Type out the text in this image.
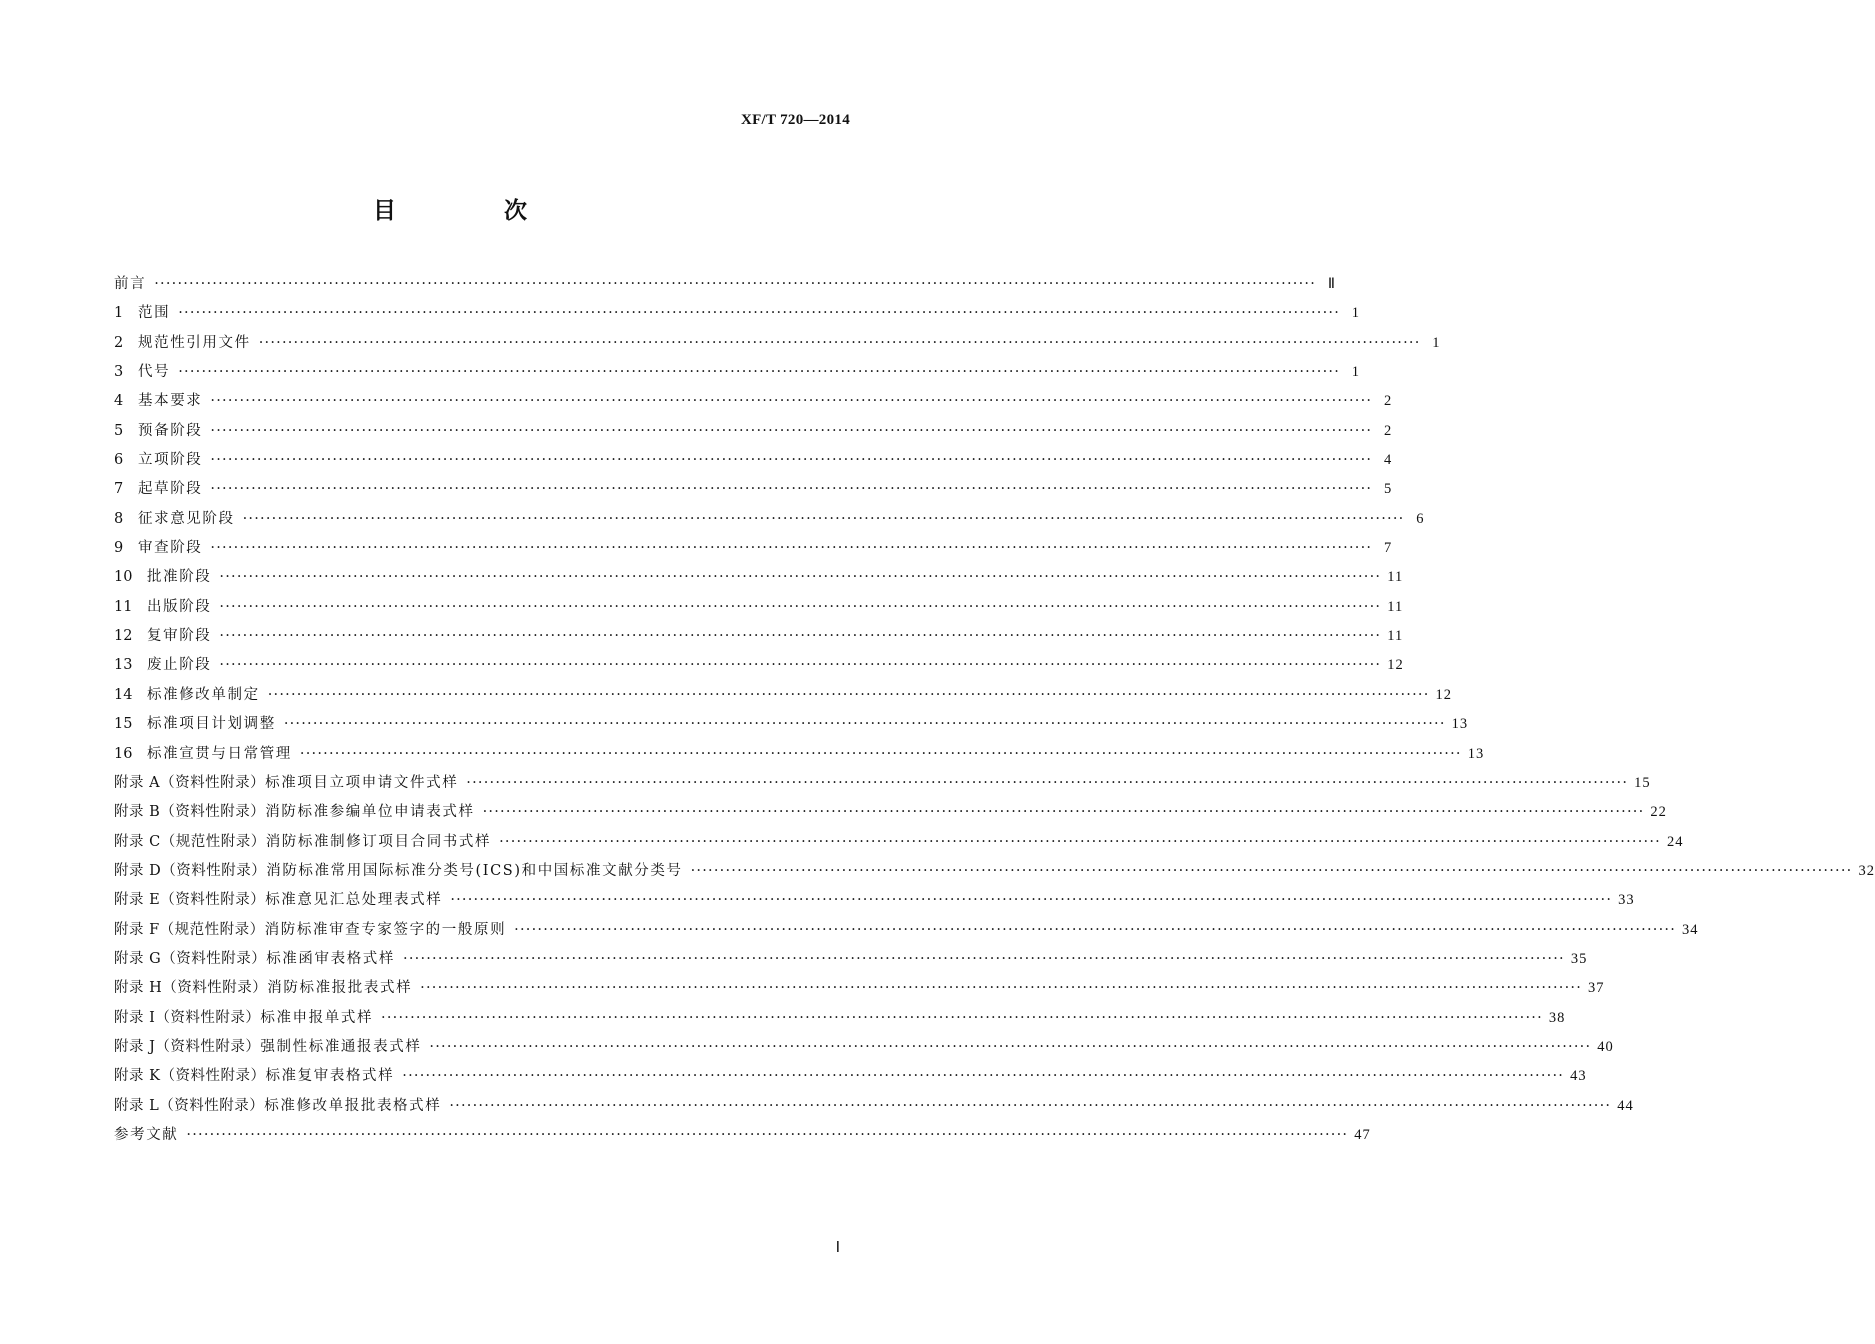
XF/T 720—2014
目 次
前言 ········································································································································································································ Ⅱ
1	范围 ········································································································································································································ 1
2	规范性引用文件 ········································································································································································································ 1
3	代号 ········································································································································································································ 1
4	基本要求 ········································································································································································································ 2
5	预备阶段 ········································································································································································································ 2
6	立项阶段 ········································································································································································································ 4
7	起草阶段 ········································································································································································································ 5
8	征求意见阶段 ········································································································································································································ 6
9	审查阶段 ········································································································································································································ 7
10	批准阶段 ········································································································································································································ 11
11	出版阶段 ········································································································································································································ 11
12	复审阶段 ········································································································································································································ 11
13	废止阶段 ········································································································································································································ 12
14	标准修改单制定 ········································································································································································································ 12
15	标准项目计划调整 ········································································································································································································ 13
16	标准宣贯与日常管理 ········································································································································································································ 13
附录 A（资料性附录） 标准项目立项申请文件式样 ········································································································································································································ 15
附录 B（资料性附录） 消防标准参编单位申请表式样 ········································································································································································································ 22
附录 C（规范性附录） 消防标准制修订项目合同书式样 ········································································································································································································ 24
附录 D（资料性附录） 消防标准常用国际标准分类号(ICS)和中国标准文献分类号 ········································································································································································································ 32
附录 E（资料性附录） 标准意见汇总处理表式样 ········································································································································································································ 33
附录 F（规范性附录） 消防标准审查专家签字的一般原则 ········································································································································································································ 34
附录 G（资料性附录） 标准函审表格式样 ········································································································································································································ 35
附录 H（资料性附录） 消防标准报批表式样 ········································································································································································································ 37
附录 I（资料性附录） 标准申报单式样 ········································································································································································································ 38
附录 J（资料性附录） 强制性标准通报表式样 ········································································································································································································ 40
附录 K（资料性附录） 标准复审表格式样 ········································································································································································································ 43
附录 L（资料性附录） 标准修改单报批表格式样 ········································································································································································································ 44
参考文献 ········································································································································································································ 47
Ⅰ
